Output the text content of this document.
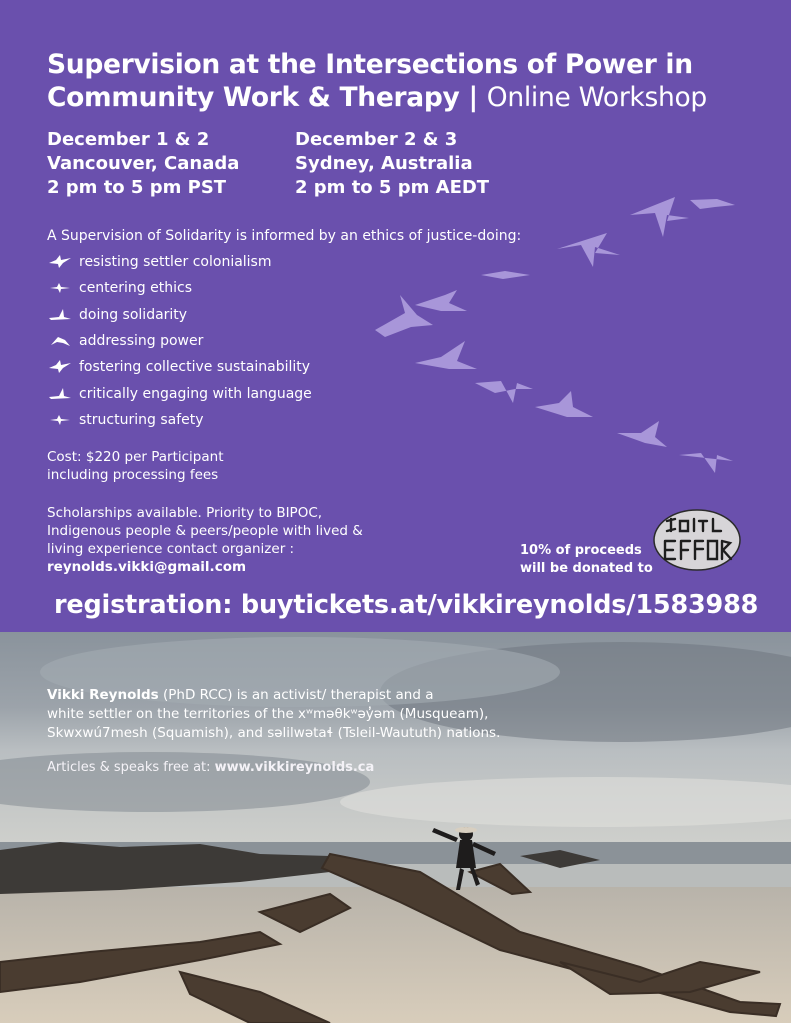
Supervision at the Intersections of Power in
Community Work & Therapy | Online Workshop
December 1 & 2
Vancouver, Canada
2 pm to 5 pm PST
December 2 & 3
Sydney, Australia
2 pm to 5 pm AEDT
A Supervision of Solidarity is informed by an ethics of justice-doing:
resisting settler colonialism
centering ethics
doing solidarity
addressing power
fostering collective sustainability
critically engaging with language
structuring safety
Cost: $220 per Participant
including processing fees
Scholarships available. Priority to BIPOC,
Indigenous people & peers/people with lived &
living experience contact organizer :
reynolds.vikki@gmail.com
10% of proceeds
will be donated to
registration: buytickets.at/vikkireynolds/1583988
Vikki Reynolds (PhD RCC) is an activist/ therapist and a
white settler on the territories of the xʷməθkʷəy̓əm (Musqueam),
Skwxwú7mesh (Squamish), and səlilwətaɬ (Tsleil-Waututh) nations.
Articles & speaks free at: www.vikkireynolds.ca
